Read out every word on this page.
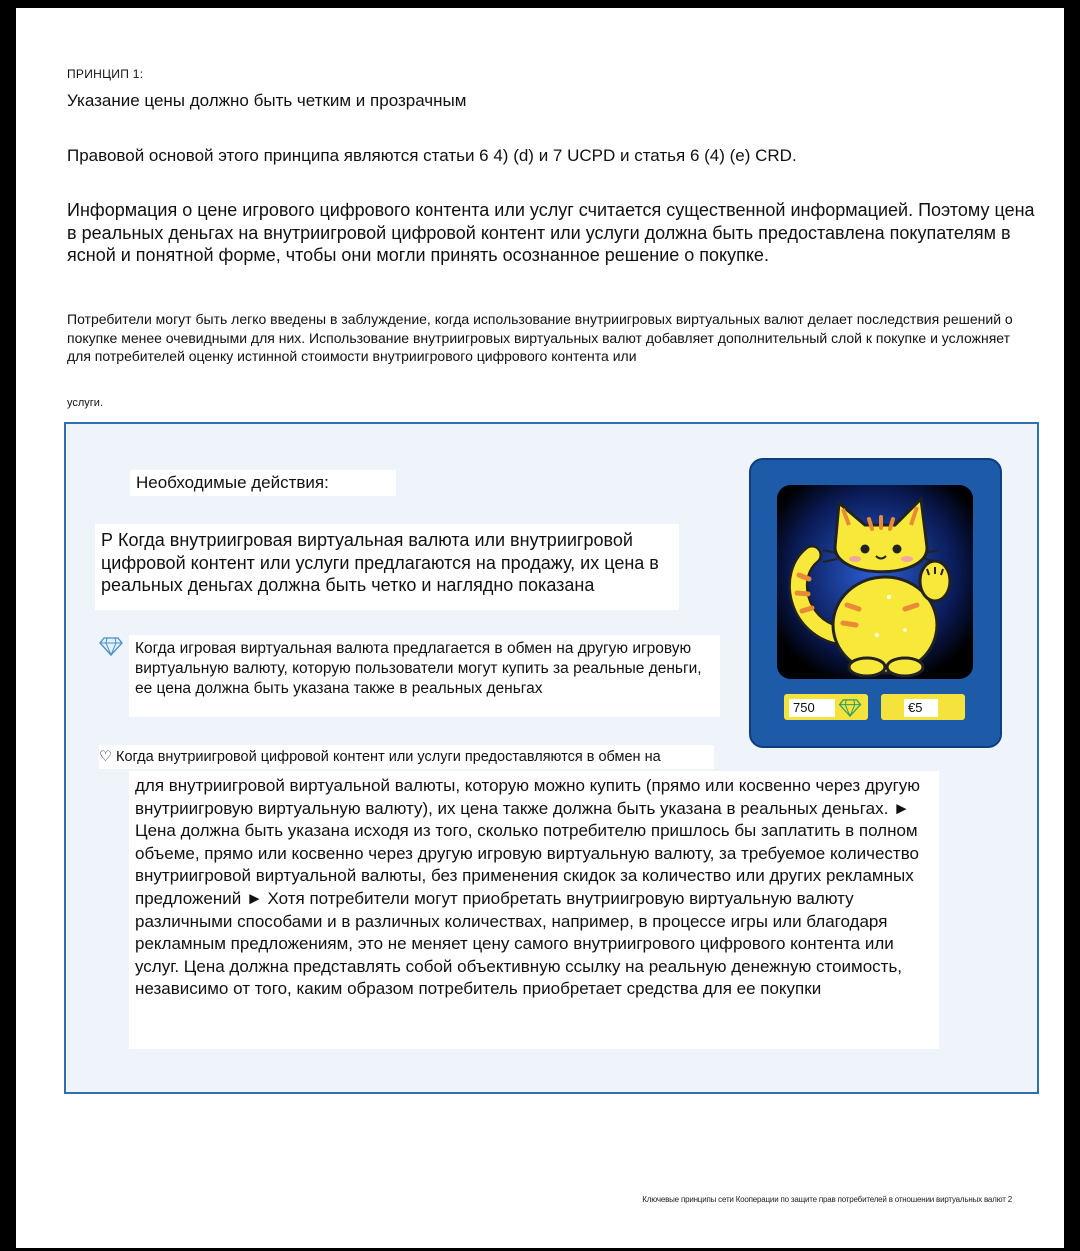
ПРИНЦИП 1:
Указание цены должно быть четким и прозрачным
Правовой основой этого принципа являются статьи 6 4) (d) и 7 UCPD и статья 6 (4) (e) CRD.
Информация о цене игрового цифрового контента или услуг считается существенной информацией. Поэтому цена в реальных деньгах на внутриигровой цифровой контент или услуги должна быть предоставлена покупателям в ясной и понятной форме, чтобы они могли принять осознанное решение о покупке.
Потребители могут быть легко введены в заблуждение, когда использование внутриигровых виртуальных валют делает последствия решений о покупке менее очевидными для них. Использование внутриигровых виртуальных валют добавляет дополнительный слой к покупке и усложняет для потребителей оценку истинной стоимости внутриигрового цифрового контента или
услуги.
Необходимые действия:
Р Когда внутриигровая виртуальная валюта или внутриигровой цифровой контент или услуги предлагаются на продажу, их цена в реальных деньгах должна быть четко и наглядно показана
Когда игровая виртуальная валюта предлагается в обмен на другую игровую виртуальную валюту, которую пользователи могут купить за реальные деньги, ее цена должна быть указана также в реальных деньгах
♡ Когда внутриигровой цифровой контент или услуги предоставляются в обмен на
для внутриигровой виртуальной валюты, которую можно купить (прямо или косвенно через другую внутриигровую виртуальную валюту), их цена также должна быть указана в реальных деньгах. ► Цена должна быть указана исходя из того, сколько потребителю пришлось бы заплатить в полном объеме, прямо или косвенно через другую игровую виртуальную валюту, за требуемое количество внутриигровой виртуальной валюты, без применения скидок за количество или других рекламных предложений ► Хотя потребители могут приобретать внутриигровую виртуальную валюту различными способами и в различных количествах, например, в процессе игры или благодаря рекламным предложениям, это не меняет цену самого внутриигрового цифрового контента или услуг. Цена должна представлять собой объективную ссылку на реальную денежную стоимость, независимо от того, каким образом потребитель приобретает средства для ее покупки
750	€5
Ключевые принципы сети Кооперации по защите прав потребителей в отношении виртуальных валют 2
